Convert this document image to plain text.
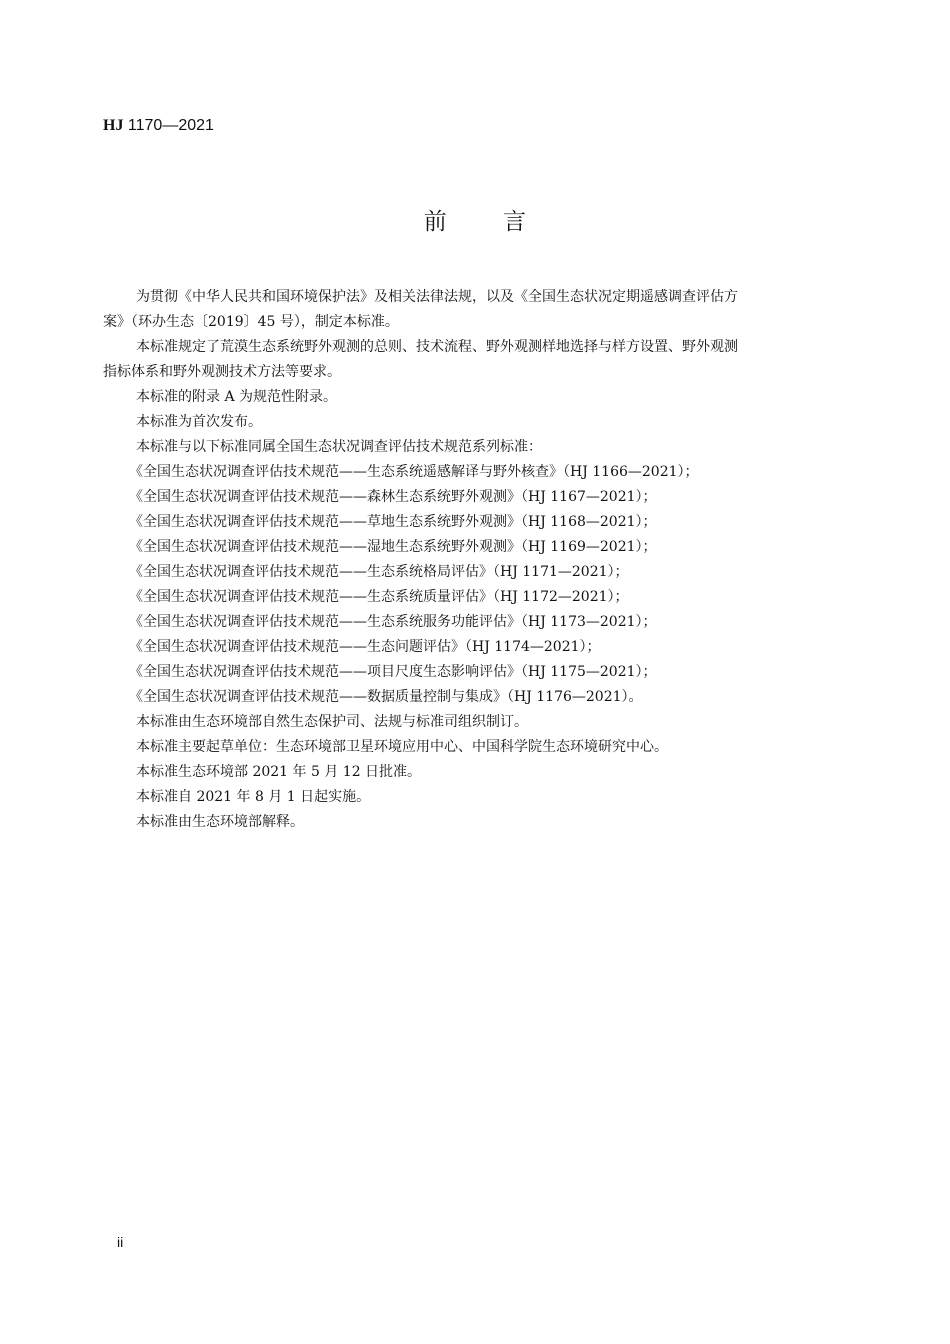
HJ 1170—2021
前 言

为贯彻《中华人民共和国环境保护法》及相关法律法规，以及《全国生态状况定期遥感调查评估方

案》（环办生态〔2019〕45 号），制定本标准。

本标准规定了荒漠生态系统野外观测的总则、技术流程、野外观测样地选择与样方设置、野外观测

指标体系和野外观测技术方法等要求。

本标准的附录 A 为规范性附录。

本标准为首次发布。

本标准与以下标准同属全国生态状况调查评估技术规范系列标准：

《全国生态状况调查评估技术规范——生态系统遥感解译与野外核查》（HJ 1166—2021）；

《全国生态状况调查评估技术规范——森林生态系统野外观测》（HJ 1167—2021）；

《全国生态状况调查评估技术规范——草地生态系统野外观测》（HJ 1168—2021）；

《全国生态状况调查评估技术规范——湿地生态系统野外观测》（HJ 1169—2021）；

《全国生态状况调查评估技术规范——生态系统格局评估》（HJ 1171—2021）；

《全国生态状况调查评估技术规范——生态系统质量评估》（HJ 1172—2021）；

《全国生态状况调查评估技术规范——生态系统服务功能评估》（HJ 1173—2021）；

《全国生态状况调查评估技术规范——生态问题评估》（HJ 1174—2021）；

《全国生态状况调查评估技术规范——项目尺度生态影响评估》（HJ 1175—2021）；

《全国生态状况调查评估技术规范——数据质量控制与集成》（HJ 1176—2021）。

本标准由生态环境部自然生态保护司、法规与标准司组织制订。

本标准主要起草单位：生态环境部卫星环境应用中心、中国科学院生态环境研究中心。

本标准生态环境部 2021 年 5 月 12 日批准。

本标准自 2021 年 8 月 1 日起实施。

本标准由生态环境部解释。

ii
